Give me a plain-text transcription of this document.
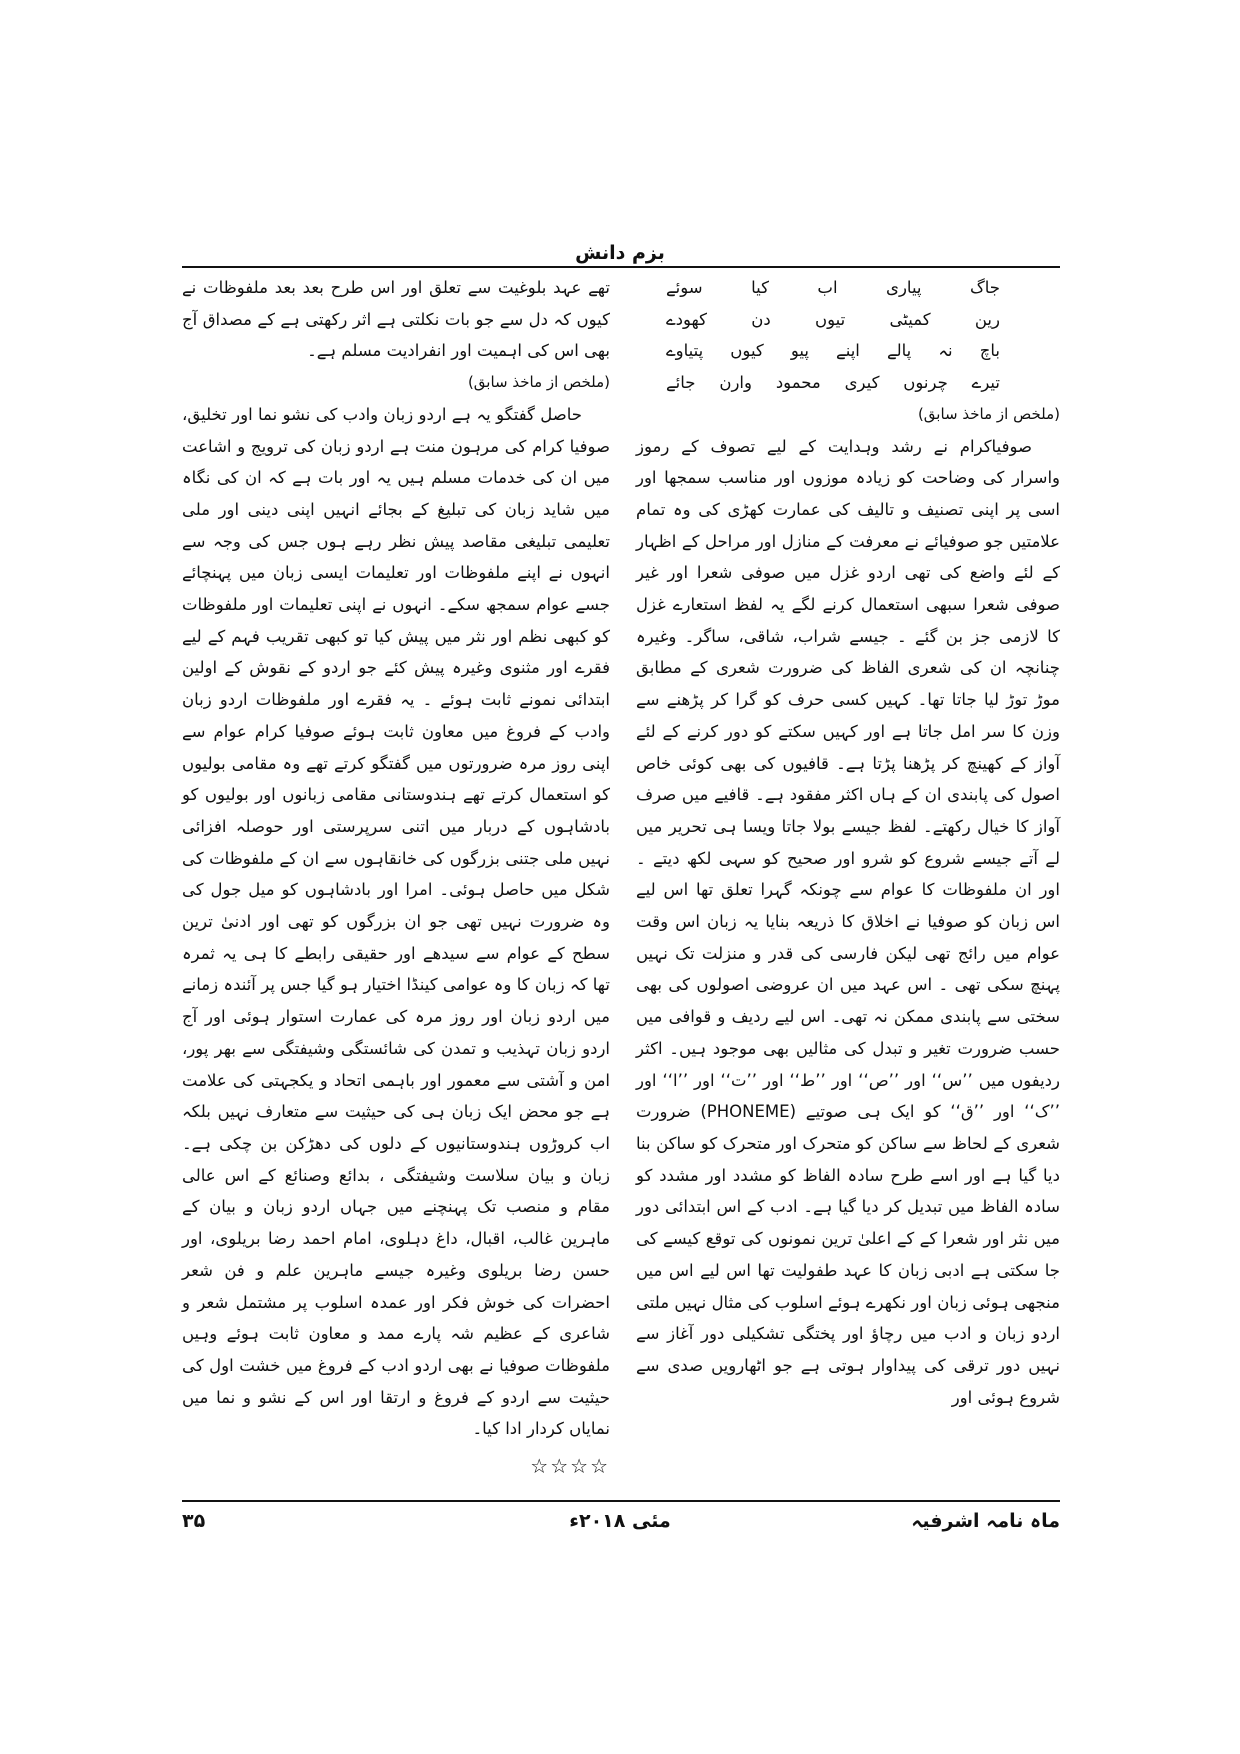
بزم دانش
جاگ پیاری اب کیا سوئے
رین کمیٹی تیوں دن کھودے
باچ نہ پالے اپنے پیو کیوں پتیاوے
تیرے چرنوں کیری محمود وارن جائے
(ملخص از ماخذ سابق)

صوفیاکرام نے رشد وہدایت کے لیے تصوف کے رموز واسرار کی وضاحت کو زیادہ موزوں اور مناسب سمجھا اور اسی پر اپنی تصنیف و تالیف کی عمارت کھڑی کی وہ تمام علامتیں جو صوفیائے نے معرفت کے منازل اور مراحل کے اظہار کے لئے واضع کی تھی اردو غزل میں صوفی شعرا اور غیر صوفی شعرا سبھی استعمال کرنے لگے یہ لفظ استعارے غزل کا لازمی جز بن گئے ۔ جیسے شراب، شاقی، ساگر۔ وغیرہ چنانچہ ان کی شعری الفاظ کی ضرورت شعری کے مطابق موڑ توڑ لیا جاتا تھا۔ کہیں کسی حرف کو گرا کر پڑھنے سے وزن کا سر امل جاتا ہے اور کہیں سکتے کو دور کرنے کے لئے آواز کے کھینچ کر پڑھنا پڑتا ہے۔ قافیوں کی بھی کوئی خاص اصول کی پابندی ان کے ہاں اکثر مفقود ہے۔ قافیے میں صرف آواز کا خیال رکھتے۔ لفظ جیسے بولا جاتا ویسا ہی تحریر میں لے آتے جیسے شروع کو شرو اور صحیح کو سہی لکھ دیتے ۔ اور ان ملفوظات کا عوام سے چونکہ گہرا تعلق تھا اس لیے اس زبان کو صوفیا نے اخلاق کا ذریعہ بنایا یہ زبان اس وقت عوام میں رائج تھی لیکن فارسی کی قدر و منزلت تک نہیں پہنچ سکی تھی ۔ اس عہد میں ان عروضی اصولوں کی بھی سختی سے پابندی ممکن نہ تھی۔ اس لیے ردیف و قوافی میں حسب ضرورت تغیر و تبدل کی مثالیں بھی موجود ہیں۔ اکثر ردیفوں میں ’’س‘‘ اور ’’ص‘‘ اور ’’ط‘‘ اور ’’ت‘‘ اور ’’ا‘‘ اور ’’ک‘‘ اور ’’ق‘‘ کو ایک ہی صوتیے (PHONEME) ضرورت شعری کے لحاظ سے ساکن کو متحرک اور متحرک کو ساکن بنا دیا گیا ہے اور اسے طرح سادہ الفاظ کو مشدد اور مشدد کو سادہ الفاظ میں تبدیل کر دیا گیا ہے۔ ادب کے اس ابتدائی دور میں نثر اور شعرا کے کے اعلیٰ ترین نمونوں کی توقع کیسے کی جا سکتی ہے ادبی زبان کا عہد طفولیت تھا اس لیے اس میں منجھی ہوئی زبان اور نکھرے ہوئے اسلوب کی مثال نہیں ملتی اردو زبان و ادب میں رچاؤ اور پختگی تشکیلی دور آغاز سے نہیں دور ترقی کی پیداوار ہوتی ہے جو اٹھارویں صدی سے شروع ہوئی اور

تھے عہد بلوغیت سے تعلق اور اس طرح بعد بعد ملفوظات نے کیوں کہ دل سے جو بات نکلتی ہے اثر رکھتی ہے کے مصداق آج بھی اس کی اہمیت اور انفرادیت مسلم ہے۔

(ملخص از ماخذ سابق)

حاصل گفتگو یہ ہے اردو زبان وادب کی نشو نما اور تخلیق، صوفیا کرام کی مرہون منت ہے اردو زبان کی ترویج و اشاعت میں ان کی خدمات مسلم ہیں یہ اور بات ہے کہ ان کی نگاہ میں شاید زبان کی تبلیغ کے بجائے انہیں اپنی دینی اور ملی تعلیمی تبلیغی مقاصد پیش نظر رہے ہوں جس کی وجہ سے انہوں نے اپنے ملفوظات اور تعلیمات ایسی زبان میں پہنچائے جسے عوام سمجھ سکے۔ انہوں نے اپنی تعلیمات اور ملفوظات کو کبھی نظم اور نثر میں پیش کیا تو کبھی تقریب فہم کے لیے فقرے اور مثنوی وغیرہ پیش کئے جو اردو کے نقوش کے اولین ابتدائی نمونے ثابت ہوئے ۔ یہ فقرے اور ملفوظات اردو زبان وادب کے فروغ میں معاون ثابت ہوئے صوفیا کرام عوام سے اپنی روز مرہ ضرورتوں میں گفتگو کرتے تھے وہ مقامی بولیوں کو استعمال کرتے تھے ہندوستانی مقامی زبانوں اور بولیوں کو بادشاہوں کے دربار میں اتنی سرپرستی اور حوصلہ افزائی نہیں ملی جتنی بزرگوں کی خانقاہوں سے ان کے ملفوظات کی شکل میں حاصل ہوئی۔ امرا اور بادشاہوں کو میل جول کی وہ ضرورت نہیں تھی جو ان بزرگوں کو تھی اور ادنیٰ ترین سطح کے عوام سے سیدھے اور حقیقی رابطے کا ہی یہ ثمرہ تھا کہ زبان کا وہ عوامی کینڈا اختیار ہو گیا جس پر آئندہ زمانے میں اردو زبان اور روز مرہ کی عمارت استوار ہوئی اور آج اردو زبان تہذیب و تمدن کی شائستگی وشیفتگی سے بھر پور، امن و آشتی سے معمور اور باہمی اتحاد و یکجہتی کی علامت ہے جو محض ایک زبان ہی کی حیثیت سے متعارف نہیں بلکہ اب کروڑوں ہندوستانیوں کے دلوں کی دھڑکن بن چکی ہے۔ زبان و بیان سلاست وشیفتگی ، بدائع وصنائع کے اس عالی مقام و منصب تک پہنچنے میں جہاں اردو زبان و بیان کے ماہرین غالب، اقبال، داغ دہلوی، امام احمد رضا بریلوی، اور حسن رضا بریلوی وغیرہ جیسے ماہرین علم و فن شعر احضرات کی خوش فکر اور عمدہ اسلوب پر مشتمل شعر و شاعری کے عظیم شہ پارے ممد و معاون ثابت ہوئے وہیں ملفوظات صوفیا نے بھی اردو ادب کے فروغ میں خشت اول کی حیثیت سے اردو کے فروغ و ارتقا اور اس کے نشو و نما میں نمایاں کردار ادا کیا۔

☆☆☆☆
ماہ نامہ اشرفیہ
مئی ۲۰۱۸ء
۳۵
